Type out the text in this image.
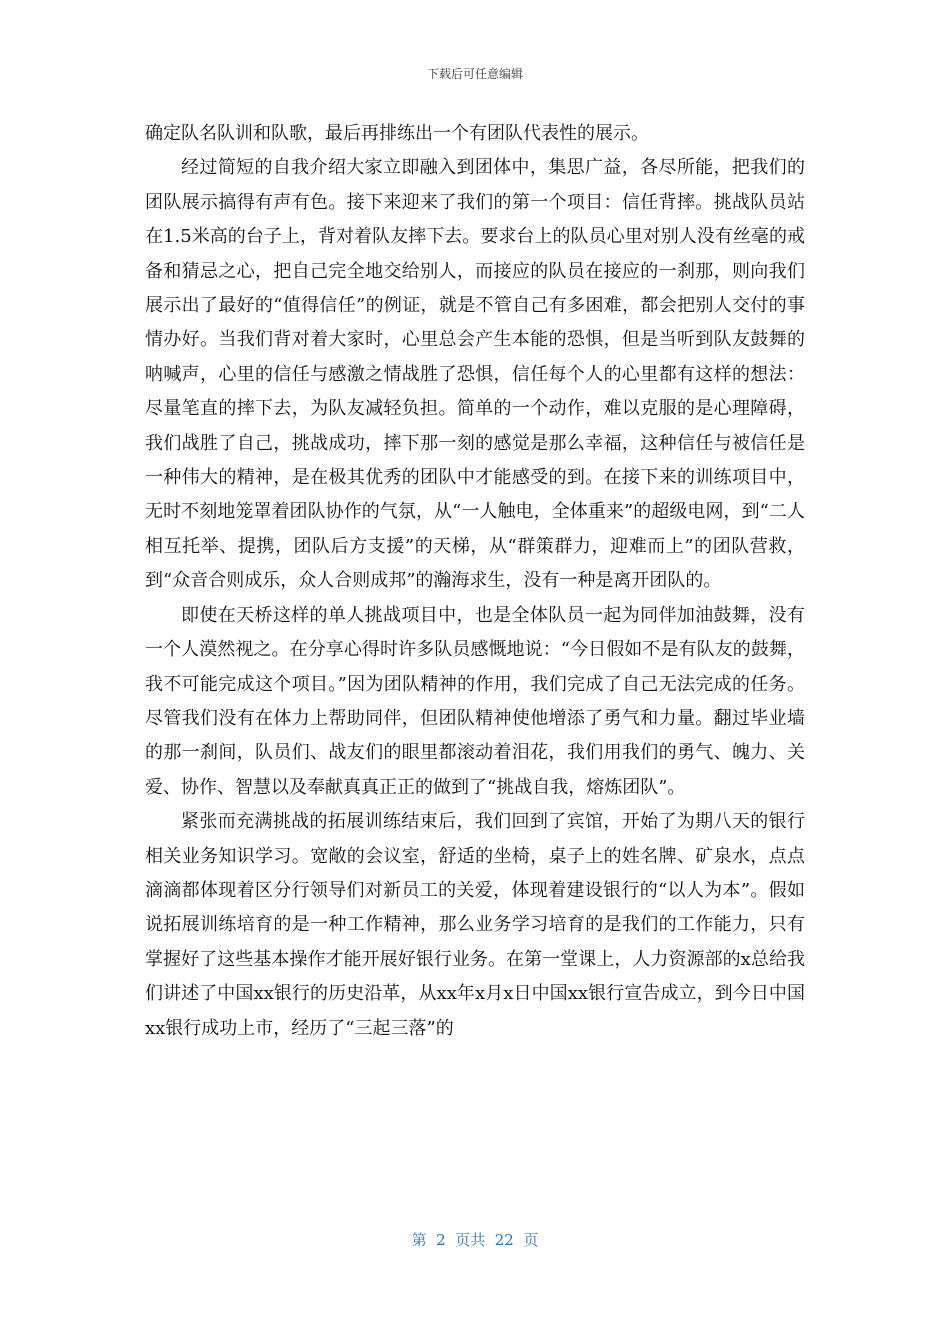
下载后可任意编辑

确定队名队训和队歌，最后再排练出一个有团队代表性的展示。

经过简短的自我介绍大家立即融入到团体中，集思广益，各尽所能，把我们的团队展示搞得有声有色。接下来迎来了我们的第一个项目：信任背摔。挑战队员站在1.5米高的台子上，背对着队友摔下去。要求台上的队员心里对别人没有丝毫的戒备和猜忌之心，把自己完全地交给别人，而接应的队员在接应的一刹那，则向我们展示出了最好的“值得信任”的例证，就是不管自己有多困难，都会把别人交付的事情办好。当我们背对着大家时，心里总会产生本能的恐惧，但是当听到队友鼓舞的呐喊声，心里的信任与感激之情战胜了恐惧，信任每个人的心里都有这样的想法：尽量笔直的摔下去，为队友减轻负担。简单的一个动作，难以克服的是心理障碍，我们战胜了自己，挑战成功，摔下那一刻的感觉是那么幸福，这种信任与被信任是一种伟大的精神，是在极其优秀的团队中才能感受的到。在接下来的训练项目中，无时不刻地笼罩着团队协作的气氛，从“一人触电，全体重来”的超级电网，到“二人相互托举、提携，团队后方支援”的天梯，从“群策群力，迎难而上”的团队营救，到“众音合则成乐，众人合则成邦”的瀚海求生，没有一种是离开团队的。

即使在天桥这样的单人挑战项目中，也是全体队员一起为同伴加油鼓舞，没有一个人漠然视之。在分享心得时许多队员感慨地说：“今日假如不是有队友的鼓舞，我不可能完成这个项目。”因为团队精神的作用，我们完成了自己无法完成的任务。尽管我们没有在体力上帮助同伴，但团队精神使他增添了勇气和力量。翻过毕业墙的那一刹间，队员们、战友们的眼里都滚动着泪花，我们用我们的勇气、魄力、关爱、协作、智慧以及奉献真真正正的做到了“挑战自我，熔炼团队”。

紧张而充满挑战的拓展训练结束后，我们回到了宾馆，开始了为期八天的银行相关业务知识学习。宽敞的会议室，舒适的坐椅，桌子上的姓名牌、矿泉水，点点滴滴都体现着区分行领导们对新员工的关爱，体现着建设银行的“以人为本”。假如说拓展训练培育的是一种工作精神，那么业务学习培育的是我们的工作能力，只有掌握好了这些基本操作才能开展好银行业务。在第一堂课上，人力资源部的x总给我们讲述了中国xx银行的历史沿革，从xx年x月x日中国xx银行宣告成立，到今日中国xx银行成功上市，经历了“三起三落”的

第  2  页共  22  页
